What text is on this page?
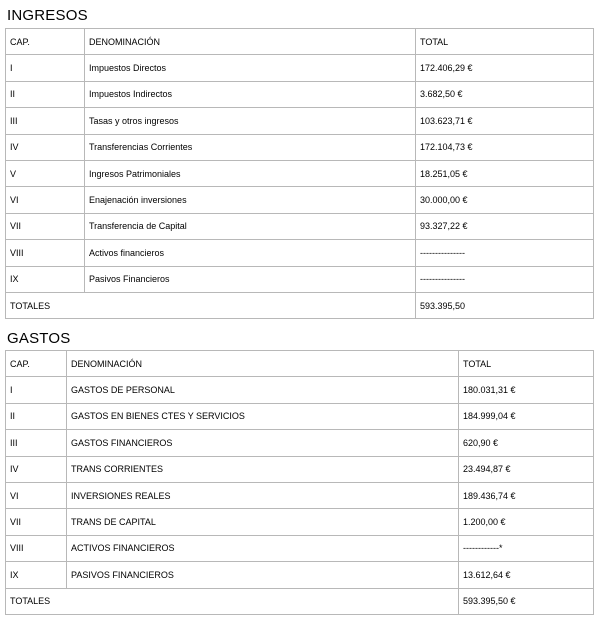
INGRESOS
CAP.	DENOMINACIÓN	TOTAL
I	Impuestos Directos	172.406,29 €
II	Impuestos Indirectos	3.682,50 €
III	Tasas y otros ingresos	103.623,71 €
IV	Transferencias Corrientes	172.104,73 €
V	Ingresos Patrimoniales	18.251,05 €
VI	Enajenación inversiones	30.000,00 €
VII	Transferencia de Capital	93.327,22 €
VIII	Activos financieros	---------------
IX	Pasivos Financieros	---------------
TOTALES		593.395,50
GASTOS
CAP.	DENOMINACIÓN	TOTAL
I	GASTOS DE PERSONAL	180.031,31 €
II	GASTOS EN BIENES CTES Y SERVICIOS	184.999,04 €
III	GASTOS FINANCIEROS	620,90 €
IV	TRANS CORRIENTES	23.494,87 €
VI	INVERSIONES REALES	189.436,74 €
VII	TRANS DE CAPITAL	1.200,00 €
VIII	ACTIVOS FINANCIEROS	------------*
IX	PASIVOS FINANCIEROS	13.612,64 €
TOTALES		593.395,50 €
